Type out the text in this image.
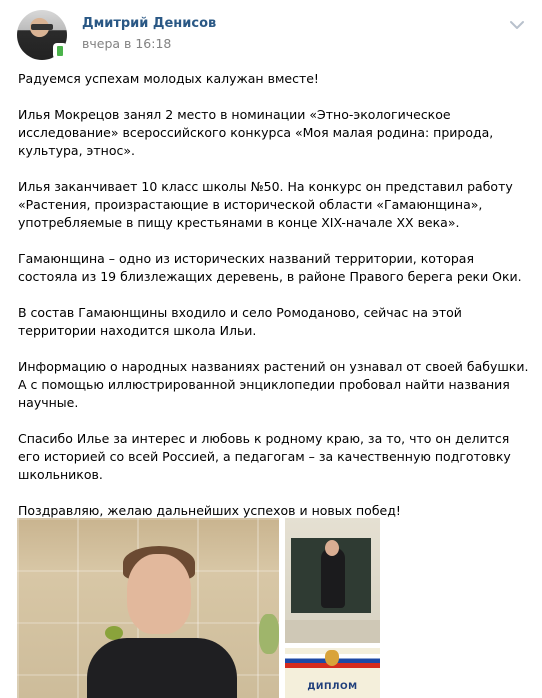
Дмитрий Денисов
вчера в 16:18

Радуемся успехам молодых калужан вместе!

Илья Мокрецов занял 2 место в номинации «Этно-экологическое исследование» всероссийского конкурса «Моя малая родина: природа, культура, этнос».

Илья заканчивает 10 класс школы №50. На конкурс он представил работу «Растения, произрастающие в исторической области «Гамаюнщина», употребляемые в пищу крестьянами в конце XIX-начале XX века».

Гамаюнщина – одно из исторических названий территории, которая состояла из 19 близлежащих деревень, в районе Правого берега реки Оки.

В состав Гамаюнщины входило и село Ромоданово, сейчас на этой территории находится школа Ильи.

Информацию о народных названиях растений он узнавал от своей бабушки. А с помощью иллюстрированной энциклопедии пробовал найти названия научные.

Спасибо Илье за интерес и любовь к родному краю, за то, что он делится его историей со всей Россией, а педагогам – за качественную подготовку школьников.

Поздравляю, желаю дальнейших успехов и новых побед!

ДИПЛОМ
